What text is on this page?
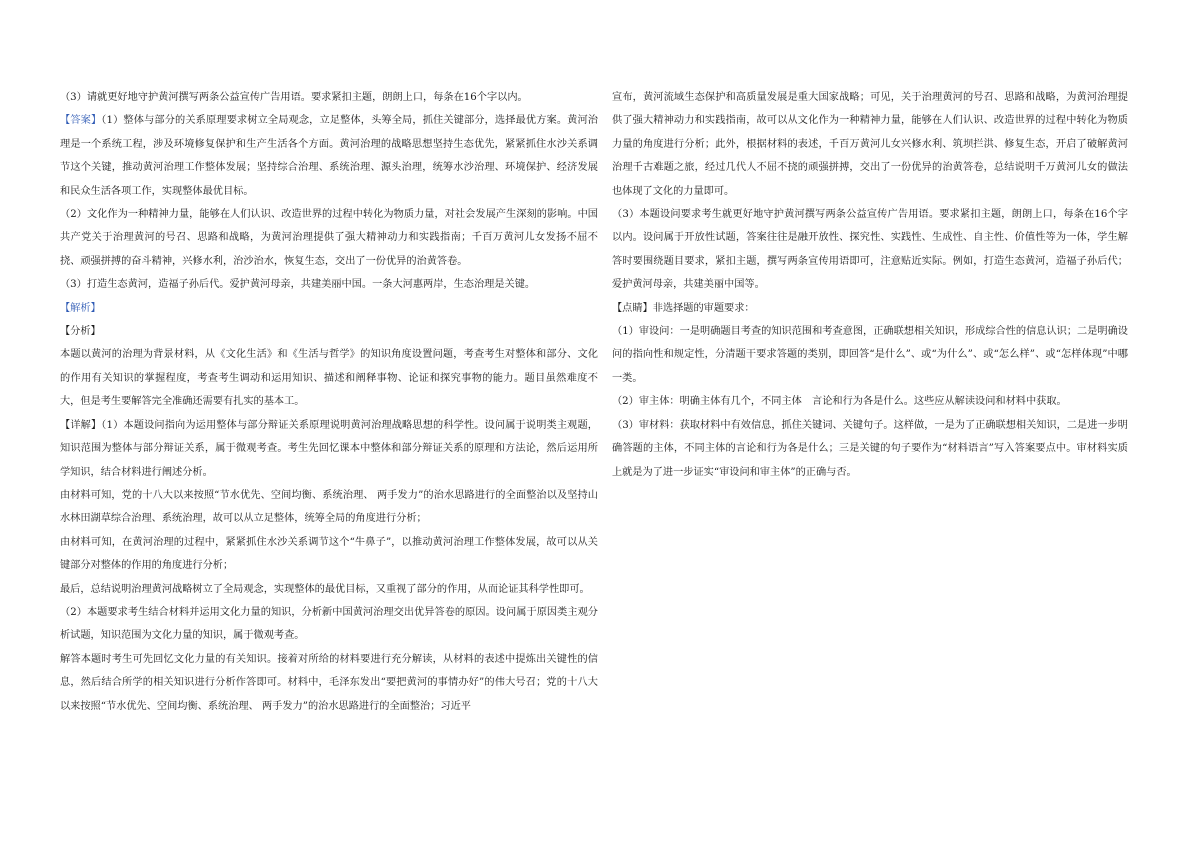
（3）请就更好地守护黄河撰写两条公益宣传广告用语。要求紧扣主题，朗朗上口，每条在16个字以内。

【答案】（1）整体与部分的关系原理要求树立全局观念，立足整体，头筹全局，抓住关键部分，选择最优方案。黄河治理是一个系统工程，涉及环境修复保护和生产生活各个方面。黄河治理的战略思想坚持生态优先，紧紧抓住水沙关系调节这个关键，推动黄河治理工作整体发展；坚持综合治理、系统治理、源头治理，统筹水沙治理、环境保护、经济发展和民众生活各项工作，实现整体最优目标。

（2）文化作为一种精神力量，能够在人们认识、改造世界的过程中转化为物质力量，对社会发展产生深刻的影响。中国共产党关于治理黄河的号召、思路和战略，为黄河治理提供了强大精神动力和实践指南；千百万黄河儿女发扬不屈不挠、顽强拼搏的奋斗精神，兴修水利，治沙治水，恢复生态，交出了一份优异的治黄答卷。

（3）打造生态黄河，造福子孙后代。爱护黄河母亲，共建美丽中国。一条大河惠两岸，生态治理是关键。

【解析】

【分析】

本题以黄河的治理为背景材料，从《文化生活》和《生活与哲学》的知识角度设置问题，考查考生对整体和部分、文化的作用有关知识的掌握程度，考查考生调动和运用知识、描述和阐释事物、论证和探究事物的能力。题目虽然难度不大，但是考生要解答完全准确还需要有扎实的基本工。

【详解】（1）本题设问指向为运用整体与部分辩证关系原理说明黄河治理战略思想的科学性。设问属于说明类主观题，知识范围为整体与部分辩证关系，属于微观考查。考生先回忆课本中整体和部分辩证关系的原理和方法论，然后运用所学知识，结合材料进行阐述分析。

由材料可知，党的十八大以来按照“节水优先、空间均衡、系统治理、 两手发力”的治水思路进行的全面整治以及坚持山水林田湖草综合治理、系统治理，故可以从立足整体，统筹全局的角度进行分析；

由材料可知，在黄河治理的过程中，紧紧抓住水沙关系调节这个“牛鼻子”，以推动黄河治理工作整体发展，故可以从关键部分对整体的作用的角度进行分析；

最后，总结说明治理黄河战略树立了全局观念，实现整体的最优目标，又重视了部分的作用，从而论证其科学性即可。

（2）本题要求考生结合材料并运用文化力量的知识，分析新中国黄河治理交出优异答卷的原因。设问属于原因类主观分析试题，知识范围为文化力量的知识，属于微观考查。

解答本题时考生可先回忆文化力量的有关知识。接着对所给的材料要进行充分解读，从材料的表述中提炼出关键性的信息，然后结合所学的相关知识进行分析作答即可。材料中，毛泽东发出“要把黄河的事情办好”的伟大号召；党的十八大以来按照“节水优先、空间均衡、系统治理、 两手发力”的治水思路进行的全面整治；习近平

宣布，黄河流域生态保护和高质量发展是重大国家战略；可见，关于治理黄河的号召、思路和战略，为黄河治理提供了强大精神动力和实践指南，故可以从文化作为一种精神力量，能够在人们认识、改造世界的过程中转化为物质力量的角度进行分析；此外，根据材料的表述，千百万黄河儿女兴修水利、筑坝拦洪、修复生态，开启了破解黄河治理千古难题之旅，经过几代人不屈不挠的顽强拼搏，交出了一份优异的治黄答卷，总结说明千万黄河儿女的做法也体现了文化的力量即可。

（3）本题设问要求考生就更好地守护黄河撰写两条公益宣传广告用语。要求紧扣主题，朗朗上口，每条在16个字以内。设问属于开放性试题，答案往往是融开放性、探究性、实践性、生成性、自主性、价值性等为一体，学生解答时要围绕题目要求，紧扣主题，撰写两条宣传用语即可，注意贴近实际。例如，打造生态黄河，造福子孙后代；爱护黄河母亲，共建美丽中国等。

【点睛】非选择题的审题要求：

（1）审设问：一是明确题目考查的知识范围和考查意图，正确联想相关知识，形成综合性的信息认识；二是明确设问的指向性和规定性，分清题干要求答题的类别，即回答“是什么”、或“为什么”、或“怎么样”、或“怎样体现”中哪一类。

（2）审主体：明确主体有几个，不同主体　言论和行为各是什么。这些应从解读设问和材料中获取。

（3）审材料：获取材料中有效信息，抓住关键词、关键句子。这样做，一是为了正确联想相关知识，二是进一步明确答题的主体，不同主体的言论和行为各是什么；三是关键的句子要作为“材料语言”写入答案要点中。审材料实质上就是为了进一步证实“审设问和审主体”的正确与否。
